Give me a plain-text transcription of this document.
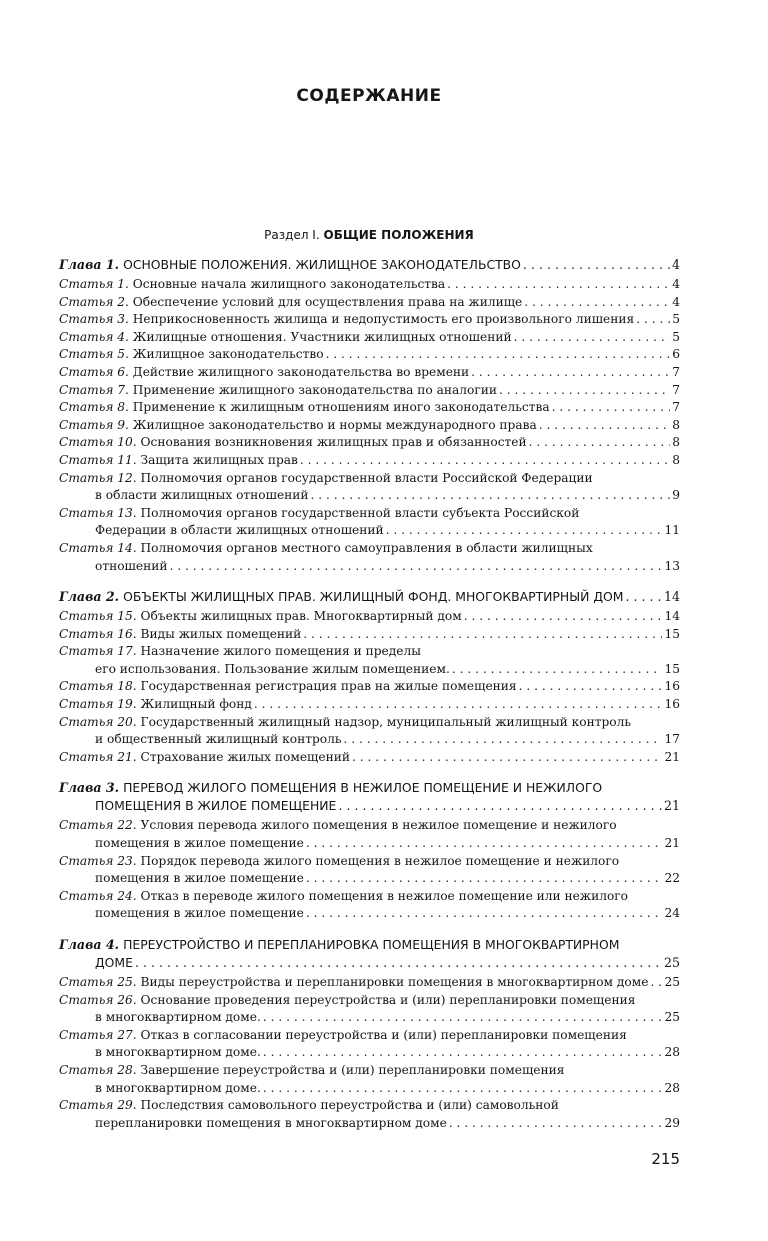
СОДЕРЖАНИЕ
Раздел I. ОБЩИЕ ПОЛОЖЕНИЯ
Глава 1. ОСНОВНЫЕ ПОЛОЖЕНИЯ. ЖИЛИЩНОЕ ЗАКОНОДАТЕЛЬСТВО . . .	4
Статья 1. Основные начала жилищного законодательства . . .	4
Статья 2. Обеспечение условий для осуществления права на жилище . . .	4
Статья 3. Неприкосновенность жилища и недопустимость его произвольного лишения . . .	5
Статья 4. Жилищные отношения. Участники жилищных отношений . . .	5
Статья 5. Жилищное законодательство . . .	6
Статья 6. Действие жилищного законодательства во времени . . .	7
Статья 7. Применение жилищного законодательства по аналогии . . .	7
Статья 8. Применение к жилищным отношениям иного законодательства . . .	7
Статья 9. Жилищное законодательство и нормы международного права . . .	8
Статья 10. Основания возникновения жилищных прав и обязанностей . . .	8
Статья 11. Защита жилищных прав . . .	8
Статья 12. Полномочия органов государственной власти Российской Федерации
в области жилищных отношений . . .	9
Статья 13. Полномочия органов государственной власти субъекта Российской
Федерации в области жилищных отношений . . .	11
Статья 14. Полномочия органов местного самоуправления в области жилищных
отношений . . .	13
Глава 2. ОБЪЕКТЫ ЖИЛИЩНЫХ ПРАВ. ЖИЛИЩНЫЙ ФОНД. МНОГОКВАРТИРНЫЙ ДОМ . . .	14
Статья 15. Объекты жилищных прав. Многоквартирный дом . . .	14
Статья 16. Виды жилых помещений . . .	15
Статья 17. Назначение жилого помещения и пределы
его использования. Пользование жилым помещением. . . .	15
Статья 18. Государственная регистрация прав на жилые помещения . . .	16
Статья 19. Жилищный фонд . . .	16
Статья 20. Государственный жилищный надзор, муниципальный жилищный контроль
и общественный жилищный контроль . . .	17
Статья 21. Страхование жилых помещений . . .	21
Глава 3. ПЕРЕВОД ЖИЛОГО ПОМЕЩЕНИЯ В НЕЖИЛОЕ ПОМЕЩЕНИЕ И НЕЖИЛОГО
ПОМЕЩЕНИЯ В ЖИЛОЕ ПОМЕЩЕНИЕ . . .	21
Статья 22. Условия перевода жилого помещения в нежилое помещение и нежилого
помещения в жилое помещение . . .	21
Статья 23. Порядок перевода жилого помещения в нежилое помещение и нежилого
помещения в жилое помещение . . .	22
Статья 24. Отказ в переводе жилого помещения в нежилое помещение или нежилого
помещения в жилое помещение . . .	24
Глава 4. ПЕРЕУСТРОЙСТВО И ПЕРЕПЛАНИРОВКА ПОМЕЩЕНИЯ В МНОГОКВАРТИРНОМ
ДОМЕ . . .	25
Статья 25. Виды переустройства и перепланировки помещения в многоквартирном доме . . . 25
Статья 26. Основание проведения переустройства и (или) перепланировки помещения
в многоквартирном доме. . . .	25
Статья 27. Отказ в согласовании переустройства и (или) перепланировки помещения
в многоквартирном доме. . . .	28
Статья 28. Завершение переустройства и (или) перепланировки помещения
в многоквартирном доме. . . .	28
Статья 29. Последствия самовольного переустройства и (или) самовольной
перепланировки помещения в многоквартирном доме . . .	29
215
